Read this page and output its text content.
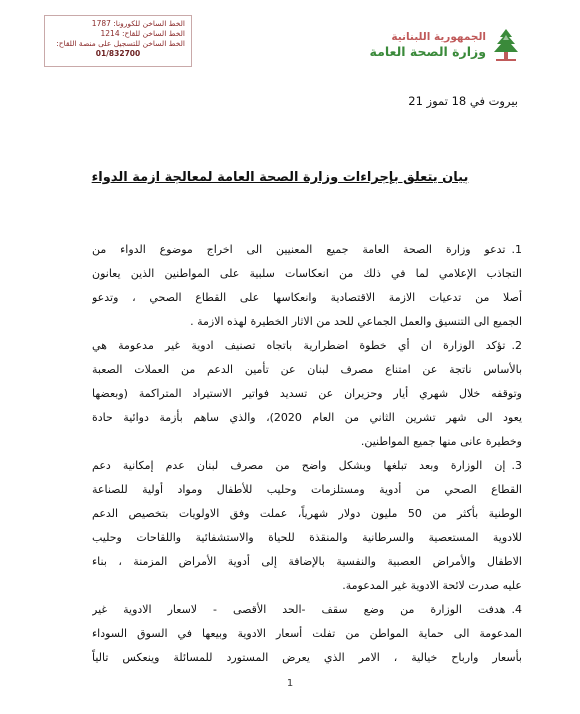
الخط الساخن للكورونا: 1787
الخط الساخن للقاح: 1214
الخط الساخن للتسجيل على منصة اللقاح:
01/832700
الجمهورية اللبنانية
وزارة الصحة العامة
بيروت في 18 تموز 21
بيان يتعلق بإجراءات وزارة الصحة العامة لمعالجة ازمة الدواء
1.تدعو وزارة الصحة العامة جميع المعنيين الى اخراج موضوع الدواء من
التجاذب الإعلامي لما في ذلك من انعكاسات سلبية على المواطنين الذين يعانون
أصلا من تدعيات الازمة الاقتصادية وانعكاسها على القطاع الصحي ، وتدعو
الجميع الى التنسيق والعمل الجماعي للحد من الاثار الخطيرة لهذه الازمة .
2.تؤكد الوزارة ان أي خطوة اضطرارية باتجاه تصنيف ادوية غير مدعومة هي
بالأساس ناتجة عن امتناع مصرف لبنان عن تأمين الدعم من العملات الصعبة
وتوقفه خلال شهري أيار وحزيران عن تسديد فواتير الاستيراد المتراكمة (وبعضها
يعود الى شهر تشرين الثاني من العام 2020)، والذي ساهم بأزمة دوائية حادة
وخطيرة عانى منها جميع المواطنين.
3.إن الوزارة وبعد تبلغها وبشكل واضح من مصرف لبنان عدم إمكانية دعم
القطاع الصحي من أدوية ومستلزمات وحليب للأطفال ومواد أولية للصناعة
الوطنية بأكثر من 50 مليون دولار شهرياً، عملت وفق الاولويات بتخصيص الدعم
للادوية المستعصية والسرطانية والمنقذة للحياة والاستشفائية واللقاحات وحليب
الاطفال والأمراض العصبية والنفسية بالإضافة إلى أدوية الأمراض المزمنة ، بناء
عليه صدرت لائحة الادوية غير المدعومة.
4.هدفت الوزارة من وضع سقف -الحد الأقصى - لاسعار الادوية غير
المدعومة الى حماية المواطن من تفلت أسعار الادوية وبيعها في السوق السوداء
بأسعار وارباح خيالية ، الامر الذي يعرض المستورد للمسائلة وينعكس تالياً
1
